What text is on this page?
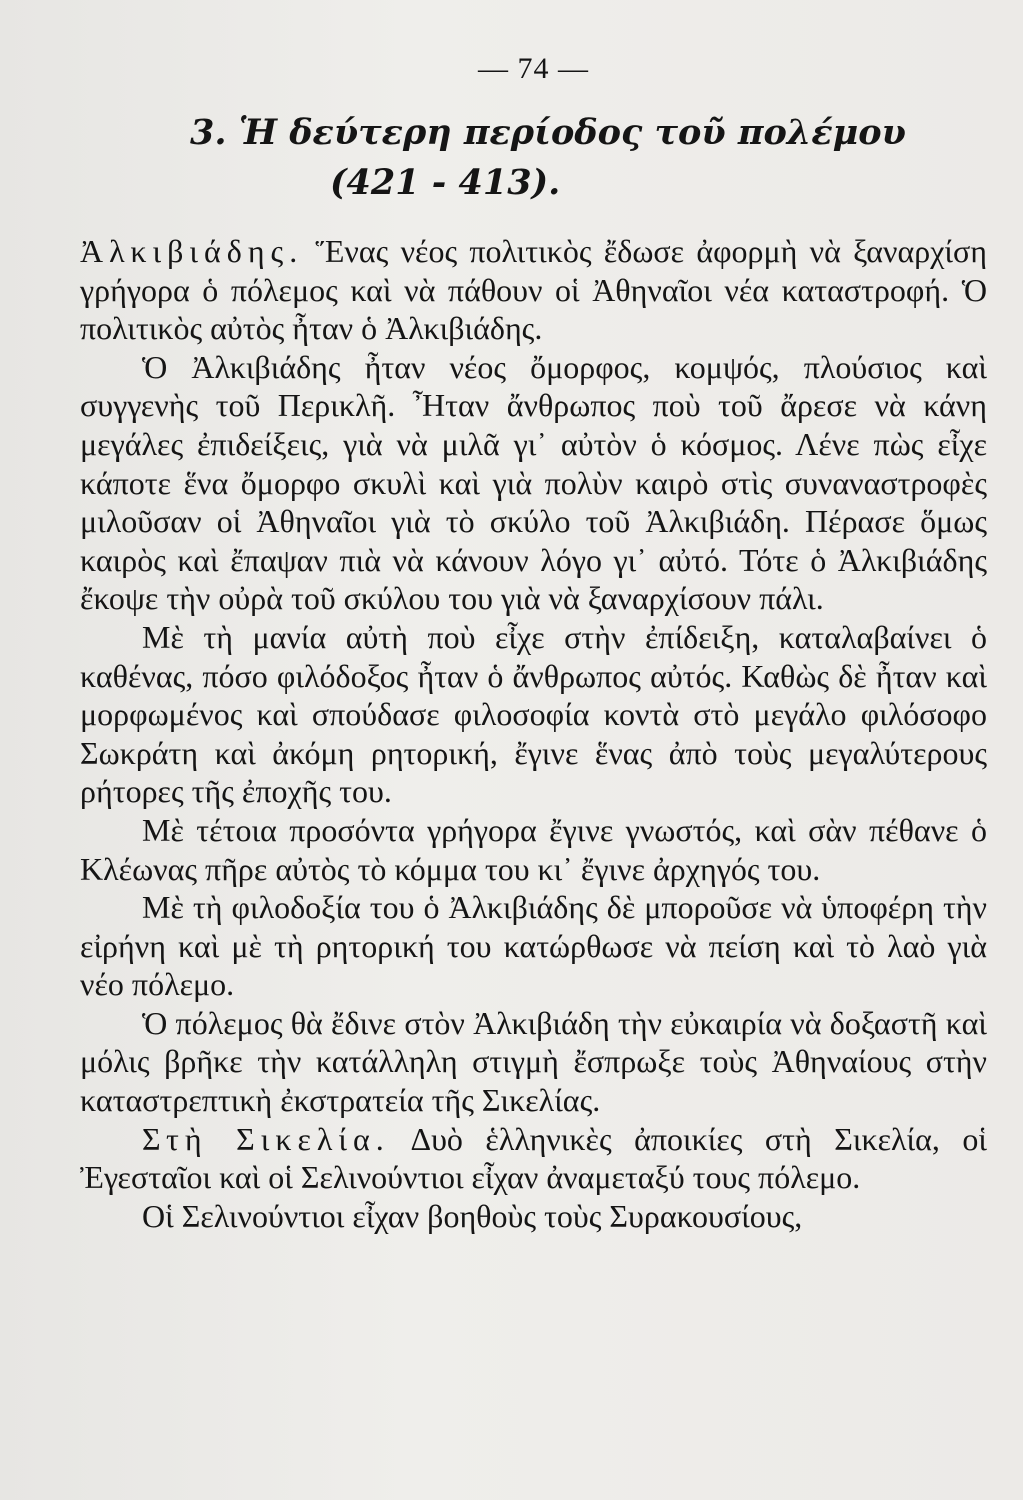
— 74 —
3. Ἡ δεύτερη περίοδος τοῦ πολέμου
(421 - 413).

Ἀλκιβιάδης. Ἕνας νέος πολιτικὸς ἔδωσε ἀφορμὴ νὰ ξαναρχίση γρήγορα ὁ πόλεμος καὶ νὰ πάθουν οἱ Ἀθηναῖοι νέα καταστροφή. Ὁ πολιτικὸς αὐτὸς ἦταν ὁ Ἀλκιβιάδης.

Ὁ Ἀλκιβιάδης ἦταν νέος ὄμορφος, κομψός, πλούσιος καὶ συγγενὴς τοῦ Περικλῆ. Ἦταν ἄνθρωπος ποὺ τοῦ ἄρεσε νὰ κάνη μεγάλες ἐπιδείξεις, γιὰ νὰ μιλᾶ γι᾽ αὐτὸν ὁ κόσμος. Λένε πὼς εἶχε κάποτε ἕνα ὄμορφο σκυλὶ καὶ γιὰ πολὺν καιρὸ στὶς συναναστροφὲς μιλοῦσαν οἱ Ἀθηναῖοι γιὰ τὸ σκύλο τοῦ Ἀλκιβιάδη. Πέρασε ὅμως καιρὸς καὶ ἔπαψαν πιὰ νὰ κάνουν λόγο γι᾽ αὐτό. Τότε ὁ Ἀλκιβιάδης ἔκοψε τὴν οὐρὰ τοῦ σκύλου του γιὰ νὰ ξαναρχίσουν πάλι.

Μὲ τὴ μανία αὐτὴ ποὺ εἶχε στὴν ἐπίδειξη, καταλαβαίνει ὁ καθένας, πόσο φιλόδοξος ἦταν ὁ ἄνθρωπος αὐτός. Καθὼς δὲ ἦταν καὶ μορφωμένος καὶ σπούδασε φιλοσοφία κοντὰ στὸ μεγάλο φιλόσοφο Σωκράτη καὶ ἀκόμη ρητορική, ἔγινε ἕνας ἀπὸ τοὺς μεγαλύτερους ρήτορες τῆς ἐποχῆς του.

Μὲ τέτοια προσόντα γρήγορα ἔγινε γνωστός, καὶ σὰν πέθανε ὁ Κλέωνας πῆρε αὐτὸς τὸ κόμμα του κι᾽ ἔγινε ἀρχηγός του.

Μὲ τὴ φιλοδοξία του ὁ Ἀλκιβιάδης δὲ μποροῦσε νὰ ὑποφέρη τὴν εἰρήνη καὶ μὲ τὴ ρητορική του κατώρθωσε νὰ πείση καὶ τὸ λαὸ γιὰ νέο πόλεμο.

Ὁ πόλεμος θὰ ἔδινε στὸν Ἀλκιβιάδη τὴν εὐκαιρία νὰ δοξαστῆ καὶ μόλις βρῆκε τὴν κατάλληλη στιγμὴ ἔσπρωξε τοὺς Ἀθηναίους στὴν καταστρεπτικὴ ἐκστρατεία τῆς Σικελίας.

Στὴ Σικελία. Δυὸ ἑλληνικὲς ἀποικίες στὴ Σικελία, οἱ Ἐγεσταῖοι καὶ οἱ Σελινούντιοι εἶχαν ἀναμεταξύ τους πόλεμο.

Οἱ Σελινούντιοι εἶχαν βοηθοὺς τοὺς Συρακουσίους,
